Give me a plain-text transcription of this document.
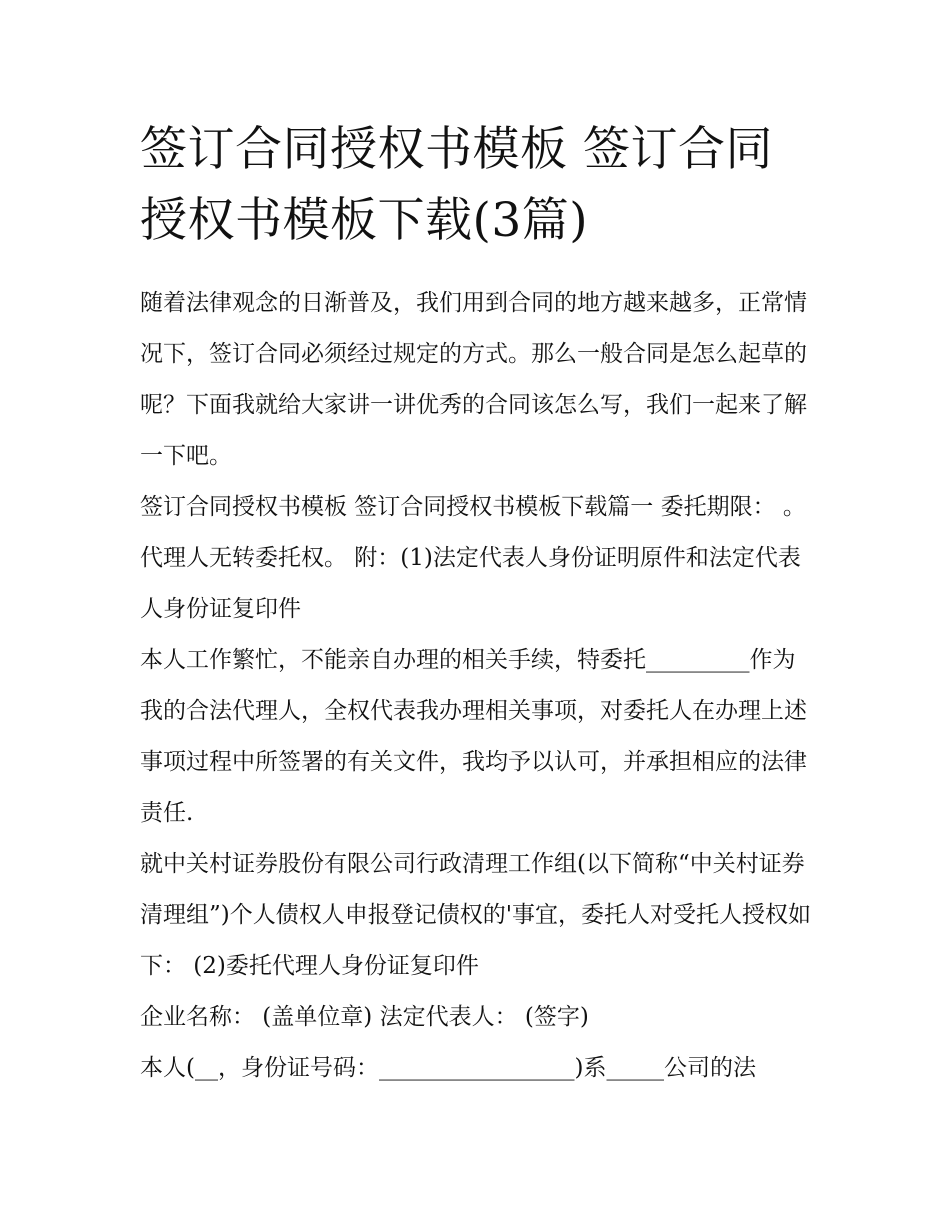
签订合同授权书模板 签订合同授权书模板下载(3篇)

随着法律观念的日渐普及，我们用到合同的地方越来越多，正常情况下，签订合同必须经过规定的方式。那么一般合同是怎么起草的呢？下面我就给大家讲一讲优秀的合同该怎么写，我们一起来了解一下吧。

签订合同授权书模板 签订合同授权书模板下载篇一 委托期限： 。 代理人无转委托权。 附：(1)法定代表人身份证明原件和法定代表人身份证复印件

本人工作繁忙，不能亲自办理的相关手续，特委托_________作为我的合法代理人，全权代表我办理相关事项，对委托人在办理上述事项过程中所签署的有关文件，我均予以认可，并承担相应的法律责任.

就中关村证券股份有限公司行政清理工作组(以下简称“中关村证券清理组”)个人债权人申报登记债权的'事宜，委托人对受托人授权如下： (2)委托代理人身份证复印件

企业名称： (盖单位章) 法定代表人： (签字)

本人(__，身份证号码：_________________)系_____公司的法
